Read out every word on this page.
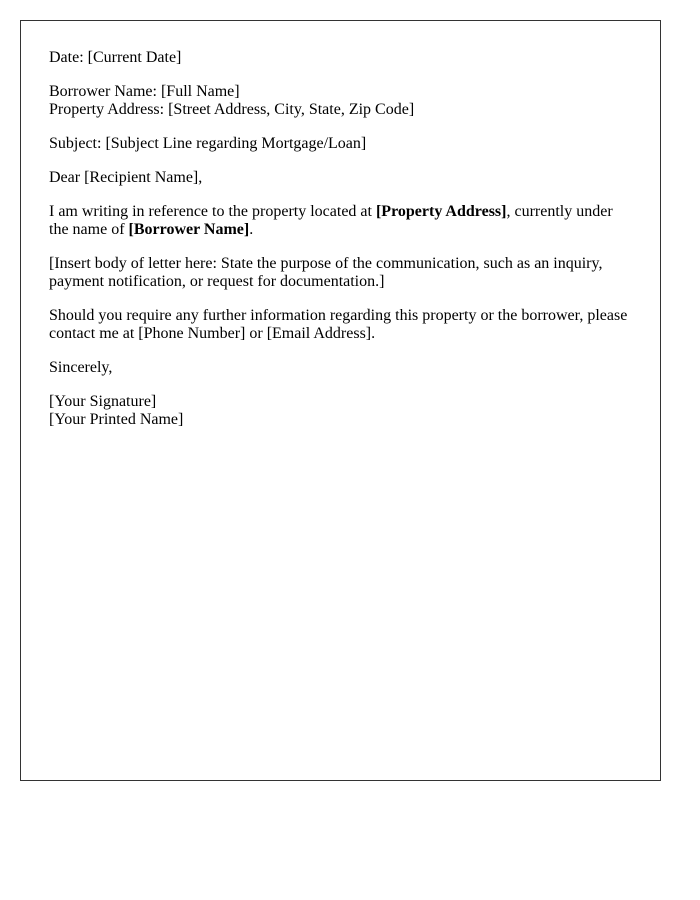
Date: [Current Date]

Borrower Name: [Full Name]
Property Address: [Street Address, City, State, Zip Code]

Subject: [Subject Line regarding Mortgage/Loan]

Dear [Recipient Name],

I am writing in reference to the property located at [Property Address], currently under the name of [Borrower Name].

[Insert body of letter here: State the purpose of the communication, such as an inquiry, payment notification, or request for documentation.]

Should you require any further information regarding this property or the borrower, please contact me at [Phone Number] or [Email Address].

Sincerely,

[Your Signature]
[Your Printed Name]
